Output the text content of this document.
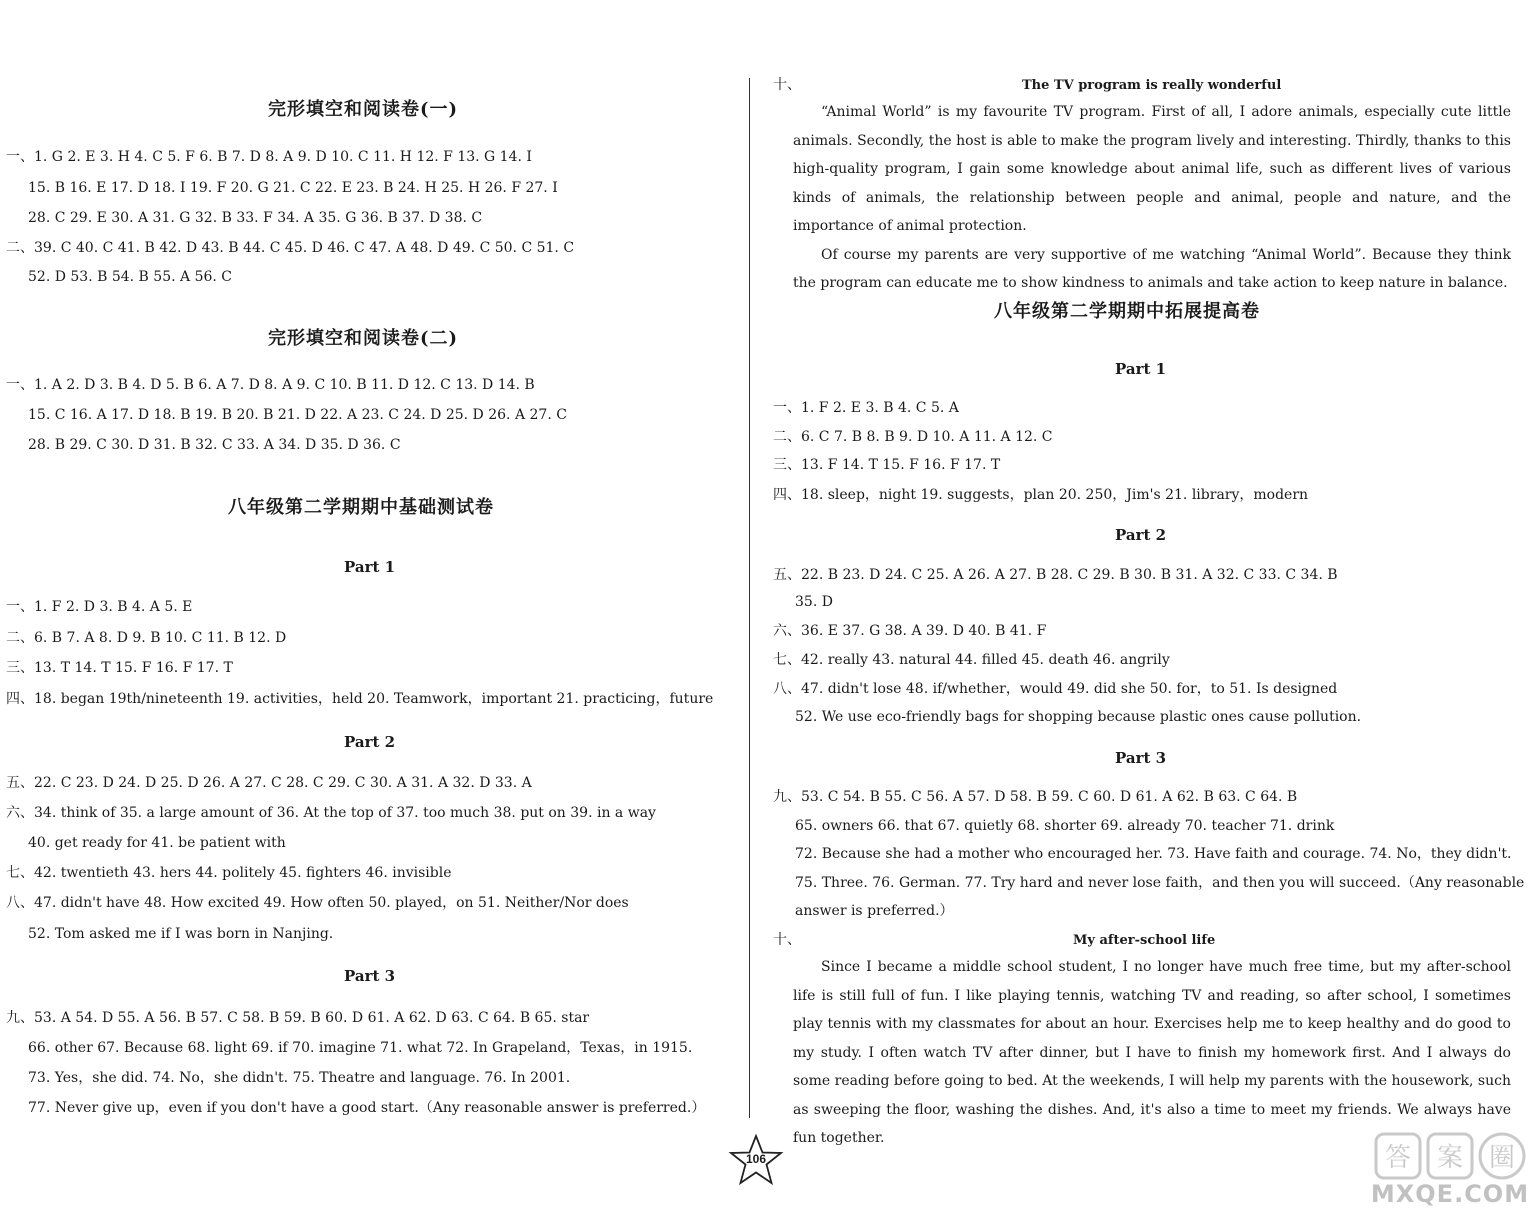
完形填空和阅读卷(一)
一、1. G 2. E 3. H 4. C 5. F 6. B 7. D 8. A 9. D 10. C 11. H 12. F 13. G 14. I
15. B 16. E 17. D 18. I 19. F 20. G 21. C 22. E 23. B 24. H 25. H 26. F 27. I
28. C 29. E 30. A 31. G 32. B 33. F 34. A 35. G 36. B 37. D 38. C
二、39. C 40. C 41. B 42. D 43. B 44. C 45. D 46. C 47. A 48. D 49. C 50. C 51. C
52. D 53. B 54. B 55. A 56. C
完形填空和阅读卷(二)
一、1. A 2. D 3. B 4. D 5. B 6. A 7. D 8. A 9. C 10. B 11. D 12. C 13. D 14. B
15. C 16. A 17. D 18. B 19. B 20. B 21. D 22. A 23. C 24. D 25. D 26. A 27. C
28. B 29. C 30. D 31. B 32. C 33. A 34. D 35. D 36. C
八年级第二学期期中基础测试卷
Part 1
一、1. F 2. D 3. B 4. A 5. E
二、6. B 7. A 8. D 9. B 10. C 11. B 12. D
三、13. T 14. T 15. F 16. F 17. T
四、18. began 19th/nineteenth 19. activities，held 20. Teamwork，important 21. practicing，future
Part 2
五、22. C 23. D 24. D 25. D 26. A 27. C 28. C 29. C 30. A 31. A 32. D 33. A
六、34. think of 35. a large amount of 36. At the top of 37. too much 38. put on 39. in a way
40. get ready for 41. be patient with
七、42. twentieth 43. hers 44. politely 45. fighters 46. invisible
八、47. didn't have 48. How excited 49. How often 50. played，on 51. Neither/Nor does
52. Tom asked me if I was born in Nanjing.
Part 3
九、53. A 54. D 55. A 56. B 57. C 58. B 59. B 60. D 61. A 62. D 63. C 64. B 65. star
66. other 67. Because 68. light 69. if 70. imagine 71. what 72. In Grapeland，Texas，in 1915.
73. Yes，she did. 74. No，she didn't. 75. Theatre and language. 76. In 2001.
77. Never give up，even if you don't have a good start.（Any reasonable answer is preferred.）
十、	The TV program is really wonderful

“Animal World” is my favourite TV program. First of all, I adore animals, especially cute little animals. Secondly, the host is able to make the program lively and interesting. Thirdly, thanks to this high-quality program, I gain some knowledge about animal life, such as different lives of various kinds of animals, the relationship between people and animal, people and nature, and the importance of animal protection.

Of course my parents are very supportive of me watching “Animal World”. Because they think the program can educate me to show kindness to animals and take action to keep nature in balance.

八年级第二学期期中拓展提高卷
Part 1
一、1. F 2. E 3. B 4. C 5. A
二、6. C 7. B 8. B 9. D 10. A 11. A 12. C
三、13. F 14. T 15. F 16. F 17. T
四、18. sleep，night 19. suggests，plan 20. 250，Jim's 21. library，modern
Part 2
五、22. B 23. D 24. C 25. A 26. A 27. B 28. C 29. B 30. B 31. A 32. C 33. C 34. B
35. D
六、36. E 37. G 38. A 39. D 40. B 41. F
七、42. really 43. natural 44. filled 45. death 46. angrily
八、47. didn't lose 48. if/whether，would 49. did she 50. for，to 51. Is designed
52. We use eco-friendly bags for shopping because plastic ones cause pollution.
Part 3
九、53. C 54. B 55. C 56. A 57. D 58. B 59. C 60. D 61. A 62. B 63. C 64. B
65. owners 66. that 67. quietly 68. shorter 69. already 70. teacher 71. drink
72. Because she had a mother who encouraged her. 73. Have faith and courage. 74. No，they didn't.
75. Three. 76. German. 77. Try hard and never lose faith，and then you will succeed.（Any reasonable
answer is preferred.）
十、	My after-school life

Since I became a middle school student, I no longer have much free time, but my after-school life is still full of fun. I like playing tennis, watching TV and reading, so after school, I sometimes play tennis with my classmates for about an hour. Exercises help me to keep healthy and do good to my study. I often watch TV after dinner, but I have to finish my homework first. And I always do some reading before going to bed. At the weekends, I will help my parents with the housework, such as sweeping the floor, washing the dishes. And, it's also a time to meet my friends. We always have fun together.

106	答 案 圈
MXQE.COM
